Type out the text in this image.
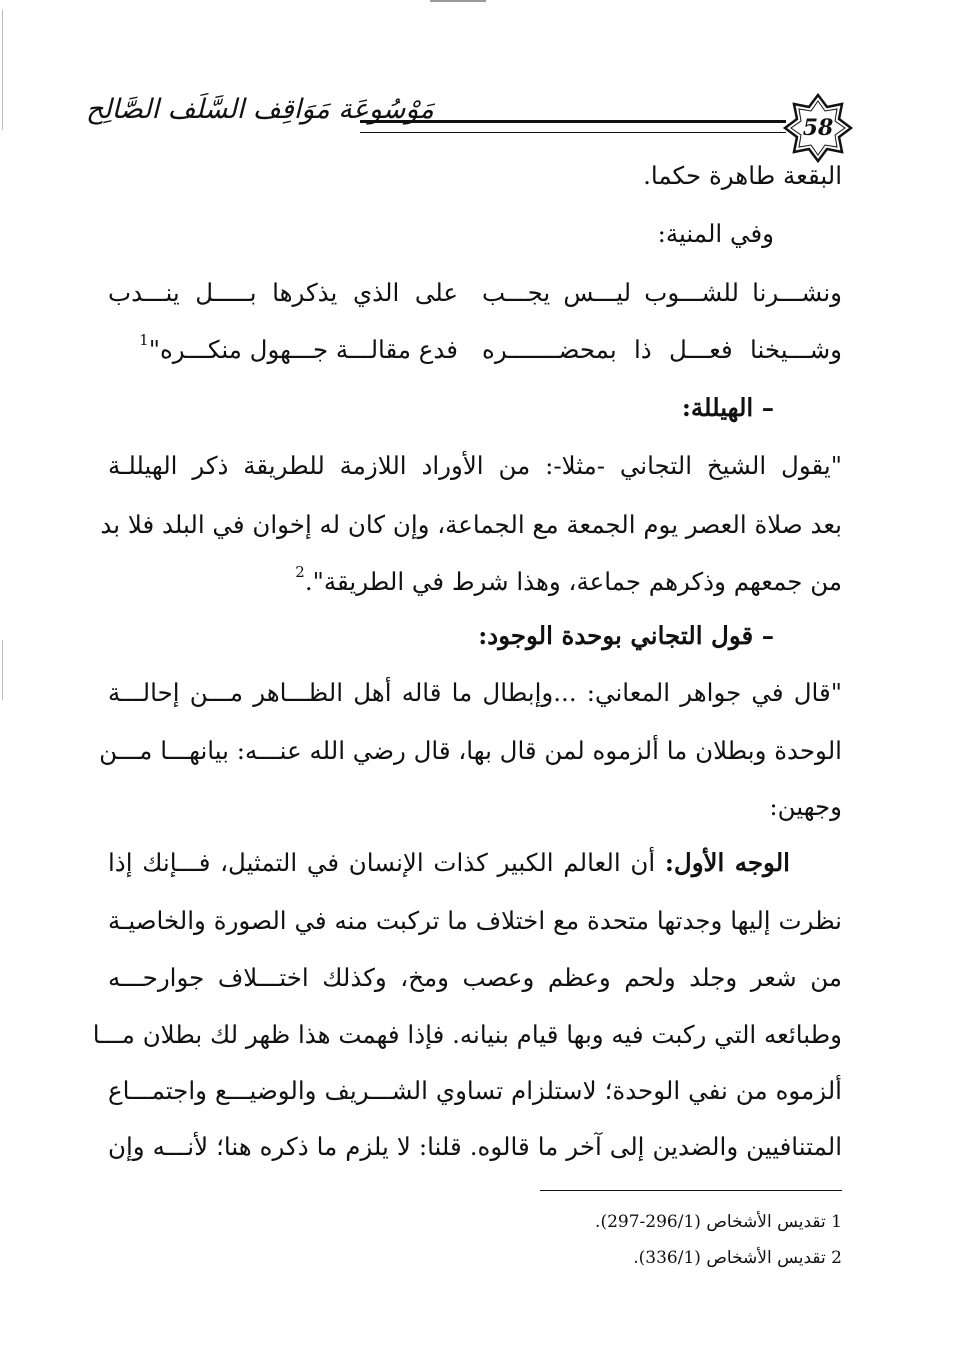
مَوْسُوعَة مَوَاقِف السَّلَف الصَّالِح
58
البقعة طاهرة حكما.
وفي المنية:
ونشـــرنا للشـــوب ليـــس يجـــب
على الذي يذكرها بـــــل ينـــدب
وشـــيخنا فعـــل ذا بمحضـــــــره
فدع مقالـــة جـــهول منكـــره"$^1$
– الهيللة:
"يقول الشيخ التجاني -مثلا-: من الأوراد اللازمة للطريقة ذكر الهيللـة
بعد صلاة العصر يوم الجمعة مع الجماعة، وإن كان له إخوان في البلد فلا بد
من جمعهم وذكرهم جماعة، وهذا شرط في الطريقة".$^2$
– قول التجاني بوحدة الوجود:
"قال في جواهر المعاني: ...وإبطال ما قاله أهل الظـــاهر مـــن إحالـــة
الوحدة وبطلان ما ألزموه لمن قال بها، قال رضي الله عنـــه: بيانهـــا مـــن
وجهين:
الوجه الأول: أن العالم الكبير كذات الإنسان في التمثيل، فـــإنك إذا
نظرت إليها وجدتها متحدة مع اختلاف ما تركبت منه في الصورة والخاصيـة
من شعر وجلد ولحم وعظم وعصب ومخ، وكذلك اختـــلاف جوارحـــه
وطبائعه التي ركبت فيه وبها قيام بنيانه. فإذا فهمت هذا ظهر لك بطلان مـــا
ألزموه من نفي الوحدة؛ لاستلزام تساوي الشـــريف والوضيـــع واجتمـــاع
المتنافيين والضدين إلى آخر ما قالوه. قلنا: لا يلزم ما ذكره هنا؛ لأنـــه وإن
1 تقديس الأشخاص (296/1-297).
2 تقديس الأشخاص (336/1).
